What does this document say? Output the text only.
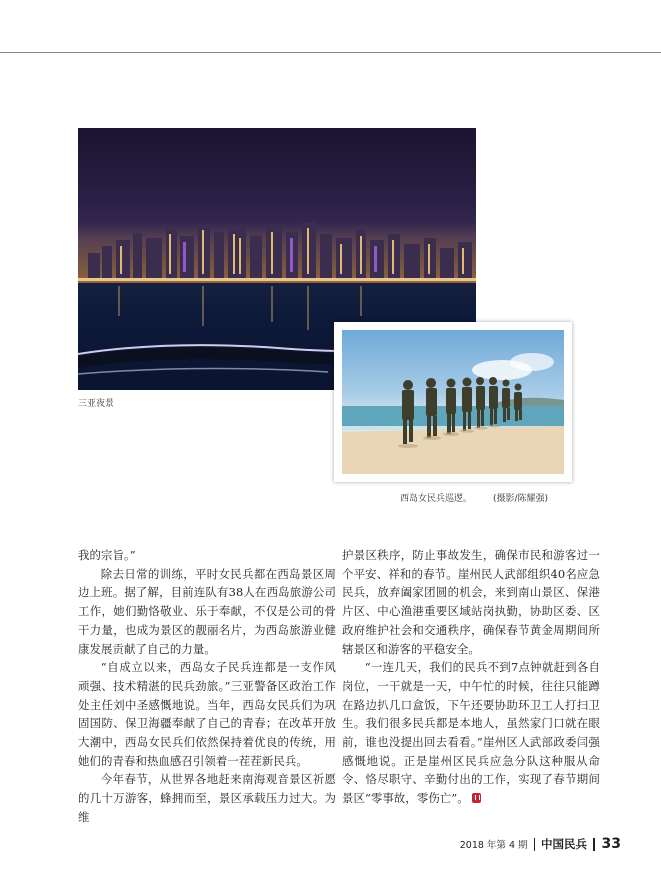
三亚夜景
西岛女民兵巡逻。 (摄影/陈耀强)

我的宗旨。”

除去日常的训练，平时女民兵都在西岛景区周边上班。据了解，目前连队有38人在西岛旅游公司工作，她们勤恪敬业、乐于奉献，不仅是公司的骨干力量，也成为景区的靓丽名片，为西岛旅游业健康发展贡献了自己的力量。

“自成立以来，西岛女子民兵连都是一支作风顽强、技术精湛的民兵劲旅。”三亚警备区政治工作处主任刘中圣感慨地说。当年，西岛女民兵们为巩固国防、保卫海疆奉献了自己的青春；在改革开放大潮中，西岛女民兵们依然保持着优良的传统，用她们的青春和热血感召引领着一茬茬新民兵。

今年春节，从世界各地赶来南海观音景区祈愿的几十万游客，蜂拥而至，景区承载压力过大。为维

护景区秩序，防止事故发生，确保市民和游客过一个平安、祥和的春节。崖州民人武部组织40名应急民兵，放弃阖家团圆的机会，来到南山景区、保港片区、中心渔港重要区域站岗执勤，协助区委、区政府维护社会和交通秩序，确保春节黄金周期间所辖景区和游客的平稳安全。

“一连几天，我们的民兵不到7点钟就赶到各自岗位，一干就是一天，中午忙的时候，往往只能蹲在路边扒几口盒饭，下午还要协助环卫工人打扫卫生。我们很多民兵都是本地人，虽然家门口就在眼前，谁也没提出回去看看。”崖州区人武部政委闫强感慨地说。正是崖州区民兵应急分队这种服从命令、恪尽职守、辛勤付出的工作，实现了春节期间景区“零事故，零伤亡”。

2018 年第 4 期 中国民兵 33
